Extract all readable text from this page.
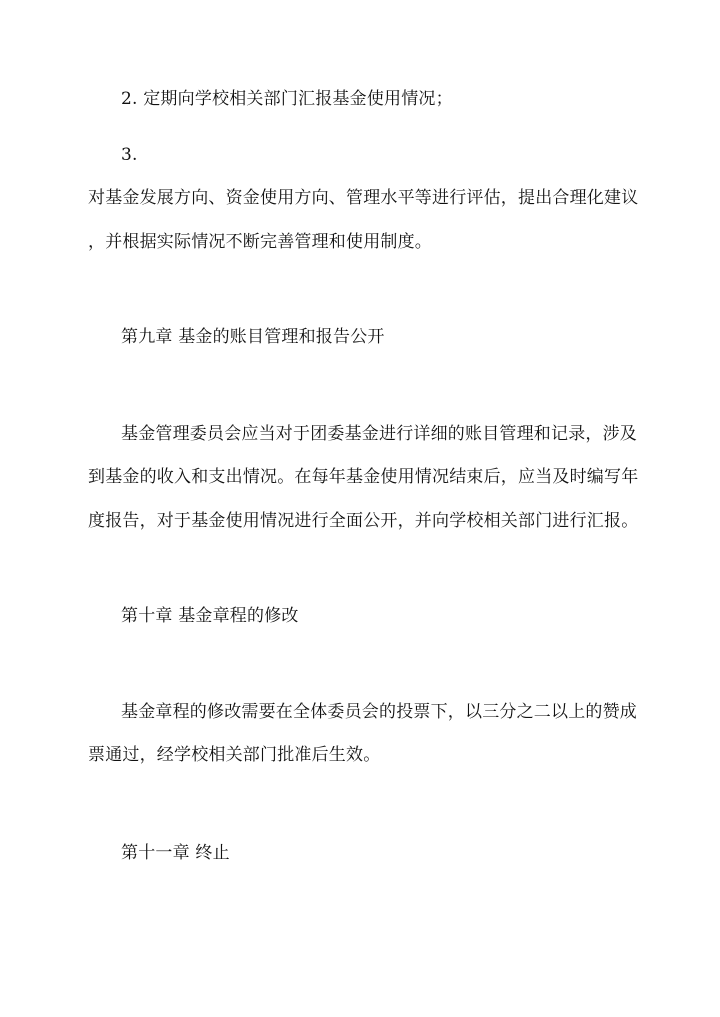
2. 定期向学校相关部门汇报基金使用情况；
3.
对基金发展方向、资金使用方向、管理水平等进行评估，提出合理化建议
，并根据实际情况不断完善管理和使用制度。
第九章 基金的账目管理和报告公开
基金管理委员会应当对于团委基金进行详细的账目管理和记录，涉及
到基金的收入和支出情况。在每年基金使用情况结束后，应当及时编写年
度报告，对于基金使用情况进行全面公开，并向学校相关部门进行汇报。
第十章 基金章程的修改
基金章程的修改需要在全体委员会的投票下，以三分之二以上的赞成
票通过，经学校相关部门批准后生效。
第十一章 终止
